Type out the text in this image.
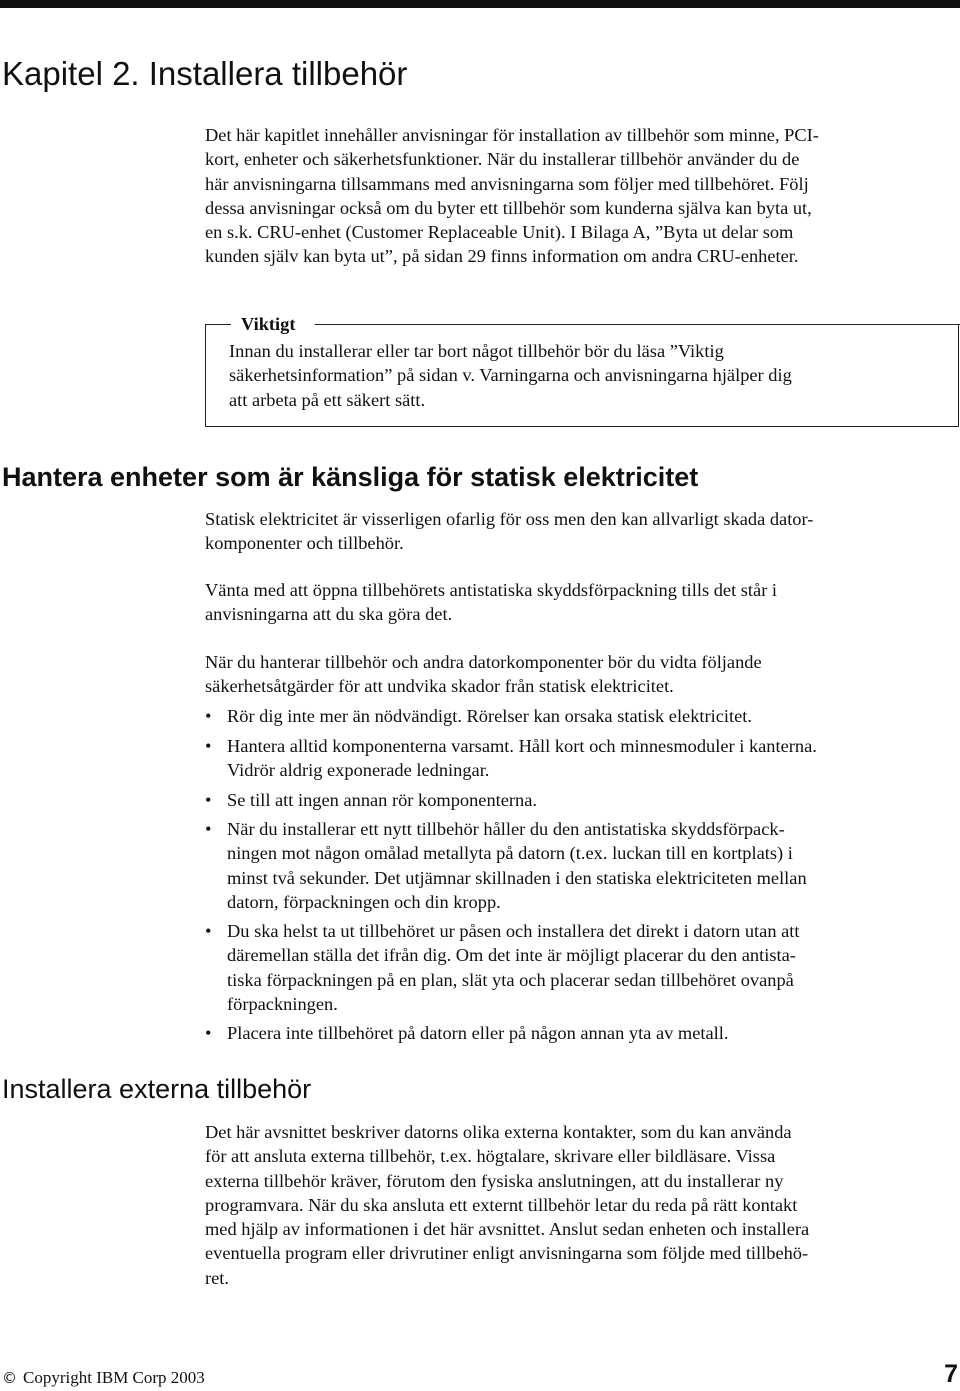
Kapitel 2. Installera tillbehör

Det här kapitlet innehåller anvisningar för installation av tillbehör som minne, PCI-
kort, enheter och säkerhetsfunktioner. När du installerar tillbehör använder du de
här anvisningarna tillsammans med anvisningarna som följer med tillbehöret. Följ
dessa anvisningar också om du byter ett tillbehör som kunderna själva kan byta ut,
en s.k. CRU-enhet (Customer Replaceable Unit). I Bilaga A, ”Byta ut delar som
kunden själv kan byta ut”, på sidan 29 finns information om andra CRU-enheter.

Viktigt

Innan du installerar eller tar bort något tillbehör bör du läsa ”Viktig
säkerhetsinformation” på sidan v. Varningarna och anvisningarna hjälper dig
att arbeta på ett säkert sätt.

Hantera enheter som är känsliga för statisk elektricitet

Statisk elektricitet är visserligen ofarlig för oss men den kan allvarligt skada dator-
komponenter och tillbehör.

Vänta med att öppna tillbehörets antistatiska skyddsförpackning tills det står i
anvisningarna att du ska göra det.

När du hanterar tillbehör och andra datorkomponenter bör du vidta följande
säkerhetsåtgärder för att undvika skador från statisk elektricitet.

• Rör dig inte mer än nödvändigt. Rörelser kan orsaka statisk elektricitet.
• Hantera alltid komponenterna varsamt. Håll kort och minnesmoduler i kanterna.
Vidrör aldrig exponerade ledningar.
• Se till att ingen annan rör komponenterna.
• När du installerar ett nytt tillbehör håller du den antistatiska skyddsförpack-
ningen mot någon omålad metallyta på datorn (t.ex. luckan till en kortplats) i
minst två sekunder. Det utjämnar skillnaden i den statiska elektriciteten mellan
datorn, förpackningen och din kropp.
• Du ska helst ta ut tillbehöret ur påsen och installera det direkt i datorn utan att
däremellan ställa det ifrån dig. Om det inte är möjligt placerar du den antista-
tiska förpackningen på en plan, slät yta och placerar sedan tillbehöret ovanpå
förpackningen.
• Placera inte tillbehöret på datorn eller på någon annan yta av metall.
Installera externa tillbehör

Det här avsnittet beskriver datorns olika externa kontakter, som du kan använda
för att ansluta externa tillbehör, t.ex. högtalare, skrivare eller bildläsare. Vissa
externa tillbehör kräver, förutom den fysiska anslutningen, att du installerar ny
programvara. När du ska ansluta ett externt tillbehör letar du reda på rätt kontakt
med hjälp av informationen i det här avsnittet. Anslut sedan enheten och installera
eventuella program eller drivrutiner enligt anvisningarna som följde med tillbehö-
ret.

© Copyright IBM Corp 2003	7
